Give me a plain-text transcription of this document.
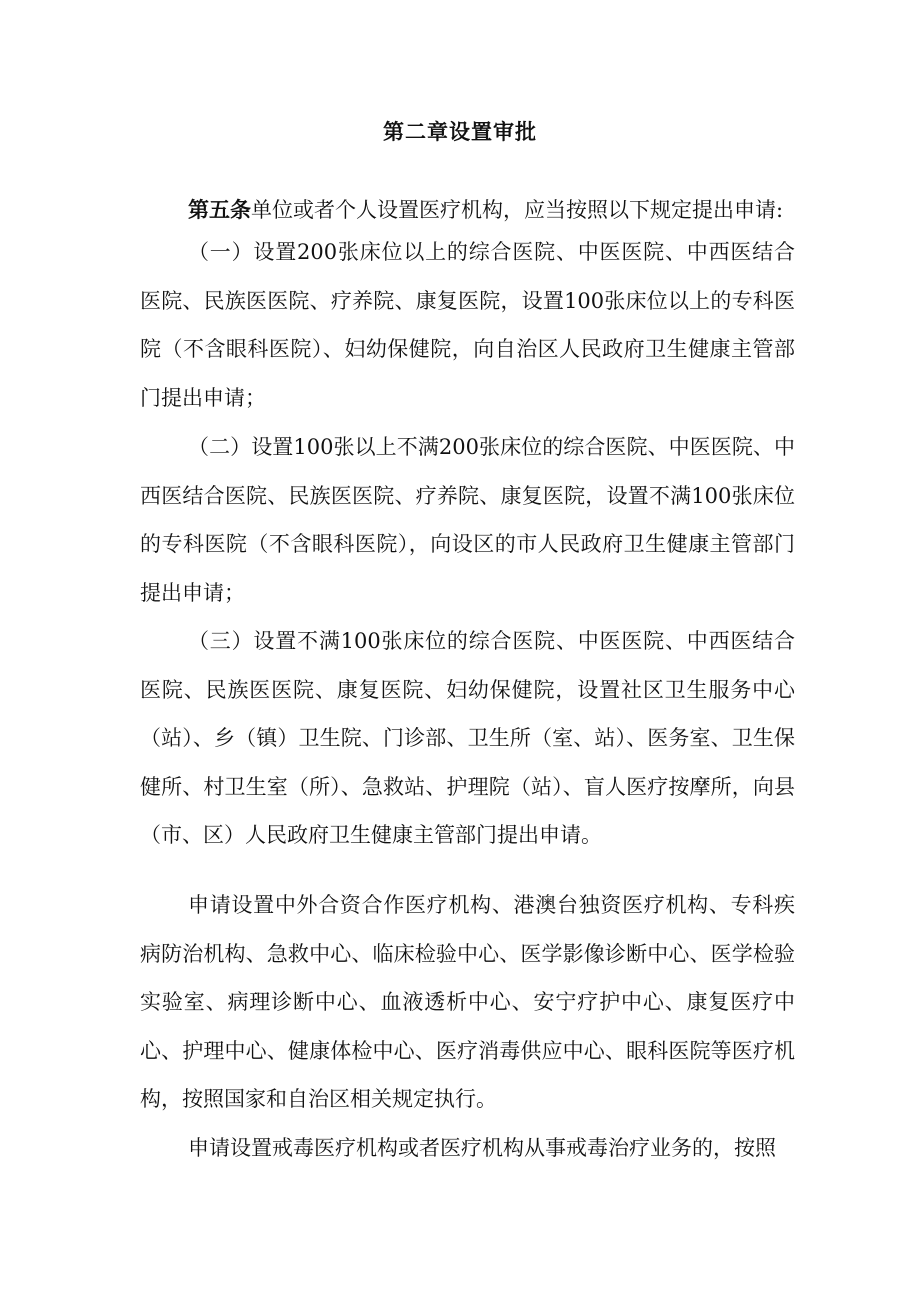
第二章设置审批

第五条单位或者个人设置医疗机构，应当按照以下规定提出申请:

（一）设置200张床位以上的综合医院、中医医院、中西医结合医院、民族医医院、疗养院、康复医院，设置100张床位以上的专科医院（不含眼科医院）、妇幼保健院，向自治区人民政府卫生健康主管部门提出申请；

（二）设置100张以上不满200张床位的综合医院、中医医院、中西医结合医院、民族医医院、疗养院、康复医院，设置不满100张床位的专科医院（不含眼科医院），向设区的市人民政府卫生健康主管部门提出申请；

（三）设置不满100张床位的综合医院、中医医院、中西医结合医院、民族医医院、康复医院、妇幼保健院，设置社区卫生服务中心（站）、乡（镇）卫生院、门诊部、卫生所（室、站）、医务室、卫生保健所、村卫生室（所）、急救站、护理院（站）、盲人医疗按摩所，向县（市、区）人民政府卫生健康主管部门提出申请。

申请设置中外合资合作医疗机构、港澳台独资医疗机构、专科疾病防治机构、急救中心、临床检验中心、医学影像诊断中心、医学检验实验室、病理诊断中心、血液透析中心、安宁疗护中心、康复医疗中心、护理中心、健康体检中心、医疗消毒供应中心、眼科医院等医疗机构，按照国家和自治区相关规定执行。

申请设置戒毒医疗机构或者医疗机构从事戒毒治疗业务的，按照
